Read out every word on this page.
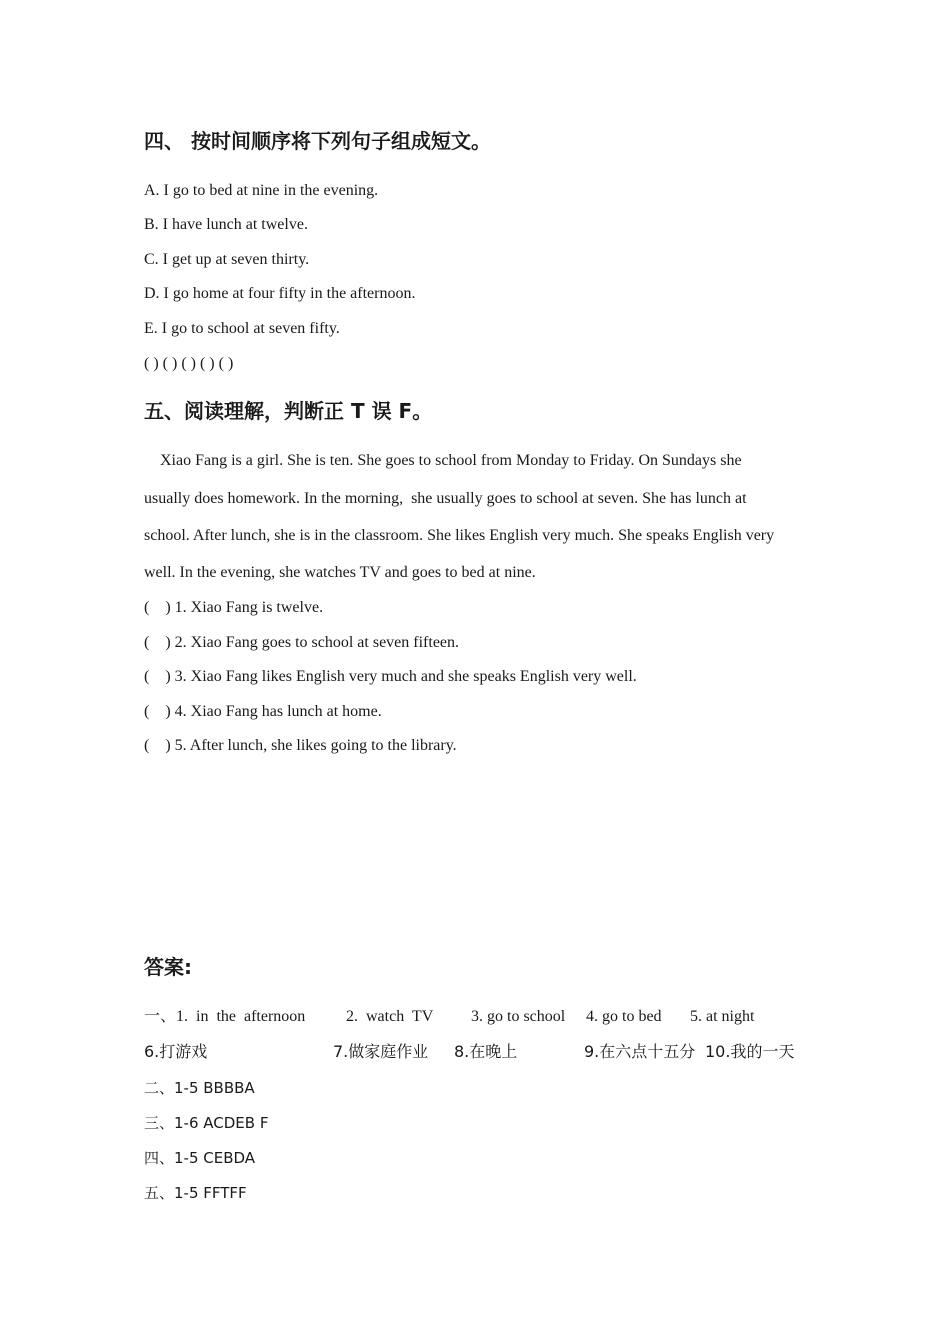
四、 按时间顺序将下列句子组成短文。
A. I go to bed at nine in the evening.
B. I have lunch at twelve.
C. I get up at seven thirty.
D. I go home at four fifty in the afternoon.
E. I go to school at seven fifty.
( ) ( ) ( ) ( ) ( )
五、阅读理解，判断正 T 误 F。
Xiao Fang is a girl. She is ten. She goes to school from Monday to Friday. On Sundays she
usually does homework. In the morning,  she usually goes to school at seven. She has lunch at
school. After lunch, she is in the classroom. She likes English very much. She speaks English very
well. In the evening, she watches TV and goes to bed at nine.
(    ) 1. Xiao Fang is twelve.
(    ) 2. Xiao Fang goes to school at seven fifteen.
(    ) 3. Xiao Fang likes English very much and she speaks English very well.
(    ) 4. Xiao Fang has lunch at home.
(    ) 5. After lunch, she likes going to the library.
答案:
一、1.  in  the  afternoon	2.  watch  TV 3. go to school 4. go to bed 5. at night
6.打游戏	7.做家庭作业 8.在晚上	9.在六点十五分 10.我的一天
二、1-5 BBBBA
三、1-6 ACDEB F
四、1-5 CEBDA
五、1-5 FFTFF
